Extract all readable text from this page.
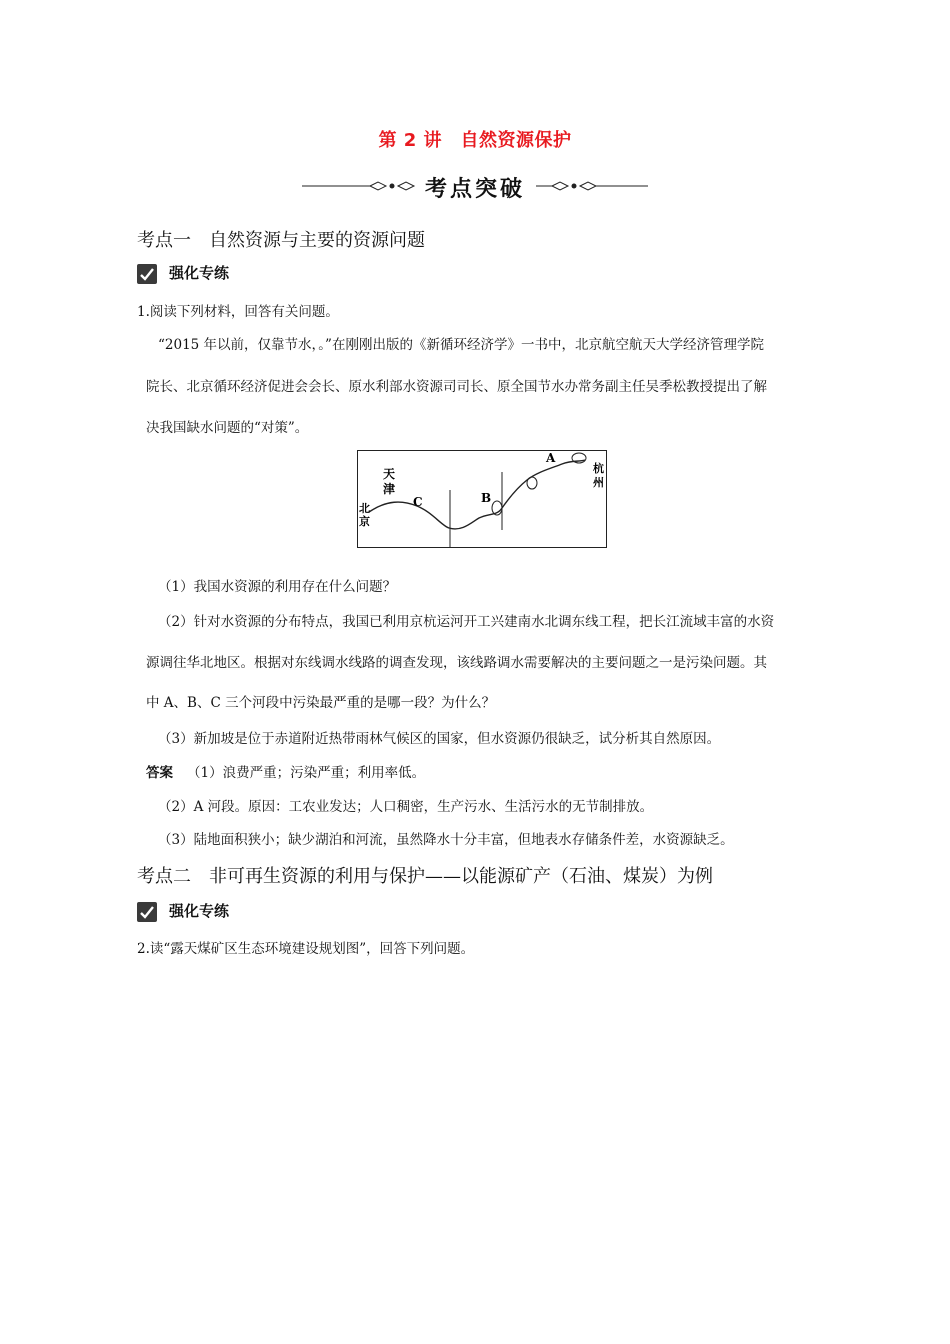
第 2 讲　自然资源保护
考点突破
考点一　自然资源与主要的资源问题
强化专练
1.阅读下列材料，回答有关问题。
“2015 年以前，仅靠节水，。”在刚刚出版的《新循环经济学》一书中，北京航空航天大学经济管理学院
院长、北京循环经济促进会会长、原水利部水资源司司长、原全国节水办常务副主任吴季松教授提出了解
决我国缺水问题的“对策”。
北
京
天
津
杭
州
C	B
A
（1）我国水资源的利用存在什么问题？
（2）针对水资源的分布特点，我国已利用京杭运河开工兴建南水北调东线工程，把长江流域丰富的水资
源调往华北地区。根据对东线调水线路的调查发现，该线路调水需要解决的主要问题之一是污染问题。其
中 A、B、C 三个河段中污染最严重的是哪一段？为什么？
（3）新加坡是位于赤道附近热带雨林气候区的国家，但水资源仍很缺乏，试分析其自然原因。
答案 （1）浪费严重；污染严重；利用率低。
（2）A 河段。原因：工农业发达；人口稠密，生产污水、生活污水的无节制排放。
（3）陆地面积狭小；缺少湖泊和河流，虽然降水十分丰富，但地表水存储条件差，水资源缺乏。
考点二　非可再生资源的利用与保护——以能源矿产（石油、煤炭）为例
强化专练
2.读“露天煤矿区生态环境建设规划图”，回答下列问题。
